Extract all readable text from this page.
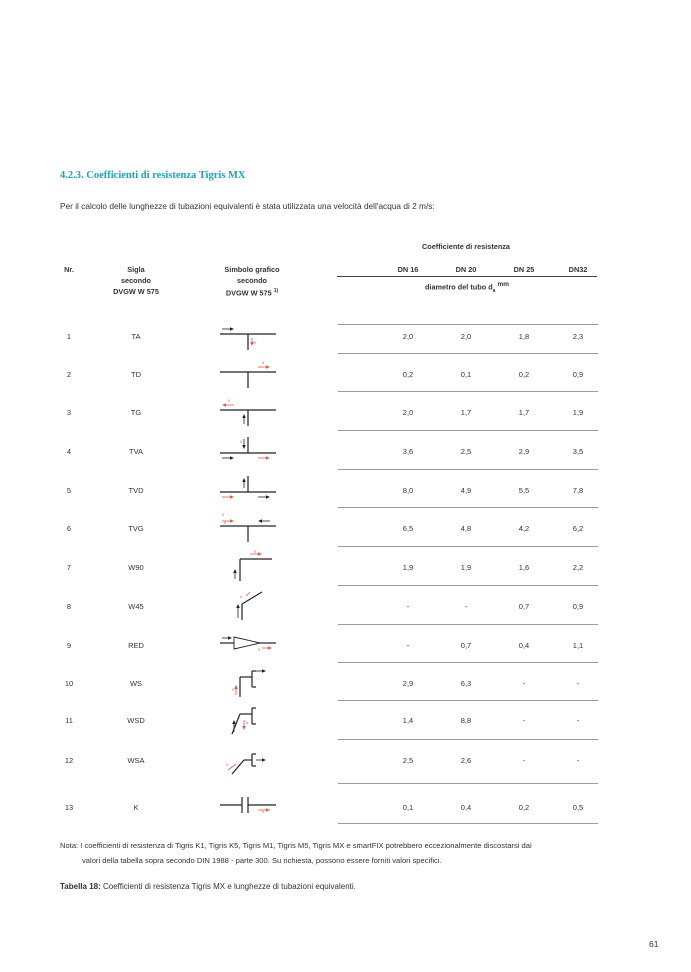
4.2.3. Coefficienti di resistenza Tigris MX

Per il calcolo delle lunghezze di tubazioni equivalenti è stata utilizzata una velocità dell'acqua di 2 m/s:

Coefficiente di resistenza
Nr.	Sigla

secondo

DVGW W 575

Simbolo grafico

secondo

DVGW W 575 $^{1)}$

DN 16	DN 20	DN 25	DN32
diametro del tubo $d_a$ $^{mm}$
1	TA	2,0	2,0	1,8	2,3
v
2	TD	0,2	0,1	0,2	0,9
v
3	TG	2,0	1,7	1,7	1,9
v
4	TVA	3,6	2,5	2,9	3,5
v
5	TVD	8,0	4,9	5,5	7,8
6	TVG	6,5	4,8	4,2	6,2
v
v
7	W90	1,9	1,9	1,6	2,2
v
8	W45	-	-	0,7	0,9
v
9	RED	-	0,7	0,4	1,1
v
10	WS	2,9	6,3	-	-
v
11	WSD	1,4	8,8	-	-
v
12	WSA	2,5	2,6	-	-
v
13	K	0,1	0,4	0,2	0,5
v

Nota: I coefficienti di resistenza di Tigris K1, Tigris K5, Tigris M1, Tigris M5, Tigris MX e smartFIX potrebbero eccezionalmente discostarsi dai
valori della tabella sopra secondo DIN 1988 - parte 300. Su richiesta, possono essere forniti valori specifici.

Tabella 18: Coefficienti di resistenza Tigris MX e lunghezze di tubazioni equivalenti.

61
